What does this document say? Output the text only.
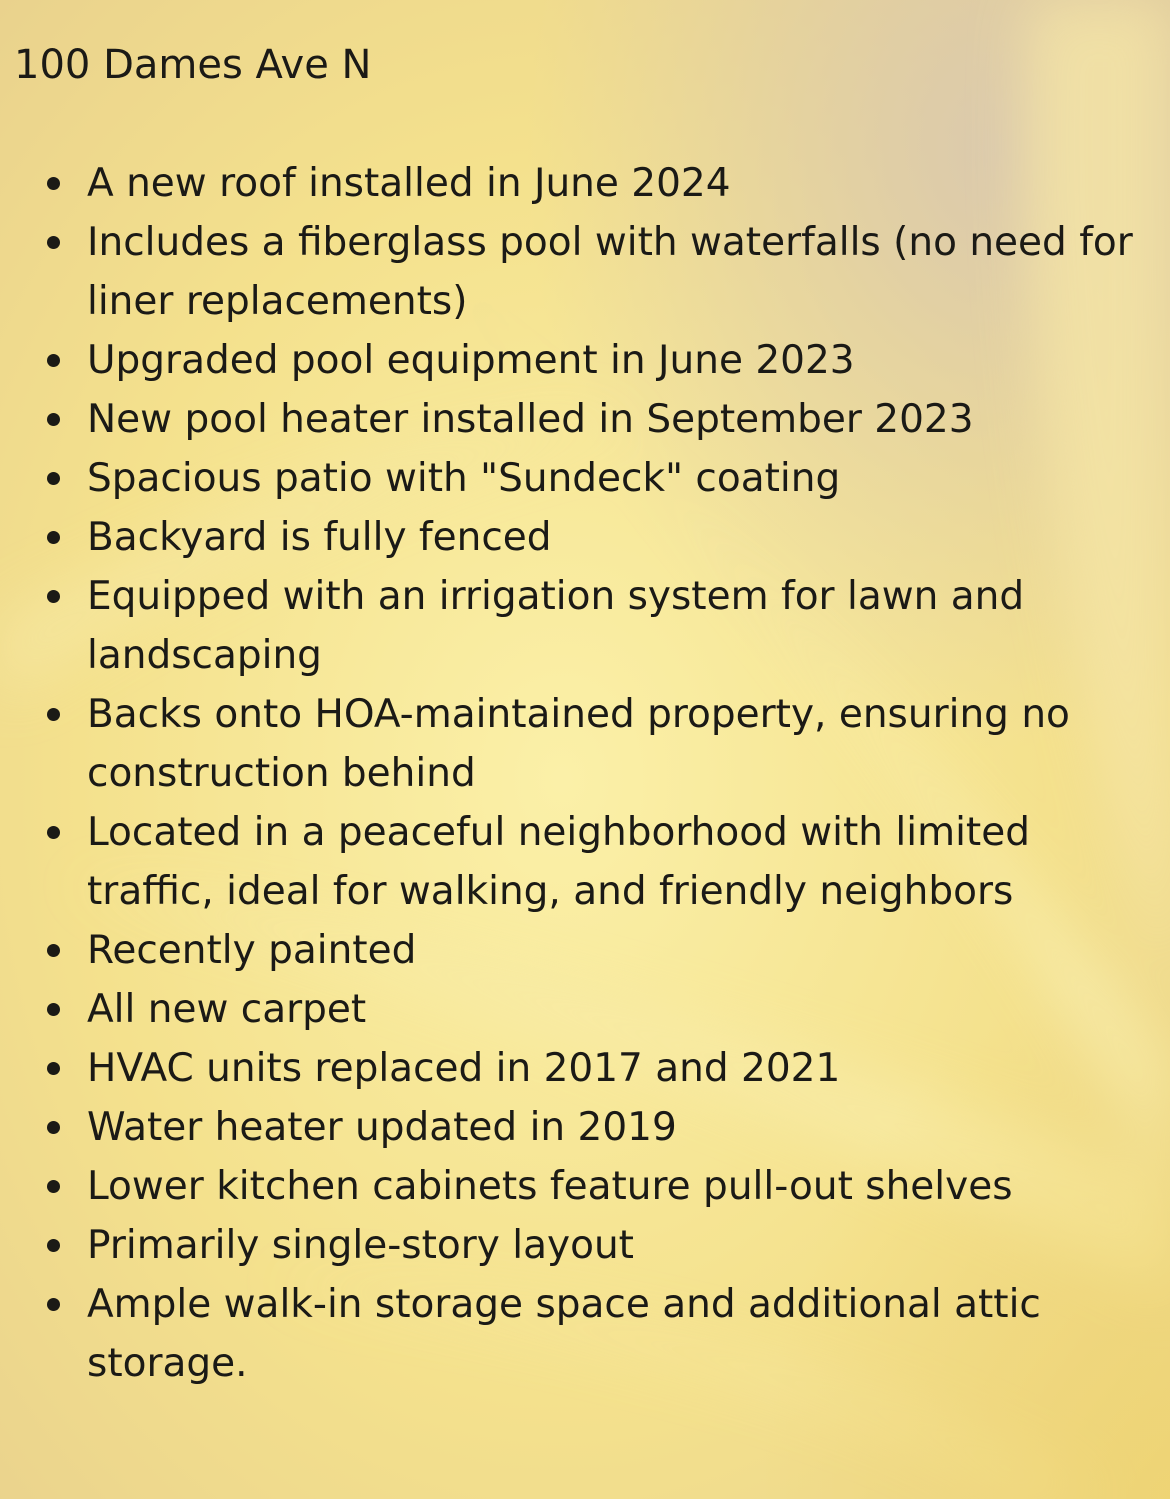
100 Dames Ave N
A new roof installed in June 2024
Includes a fiberglass pool with waterfalls (no need for liner replacements)
Upgraded pool equipment in June 2023
New pool heater installed in September 2023
Spacious patio with "Sundeck" coating
Backyard is fully fenced
Equipped with an irrigation system for lawn and landscaping
Backs onto HOA-maintained property, ensuring no construction behind
Located in a peaceful neighborhood with limited traffic, ideal for walking, and friendly neighbors
Recently painted
All new carpet
HVAC units replaced in 2017 and 2021
Water heater updated in 2019
Lower kitchen cabinets feature pull-out shelves
Primarily single-story layout
Ample walk-in storage space and additional attic storage.
